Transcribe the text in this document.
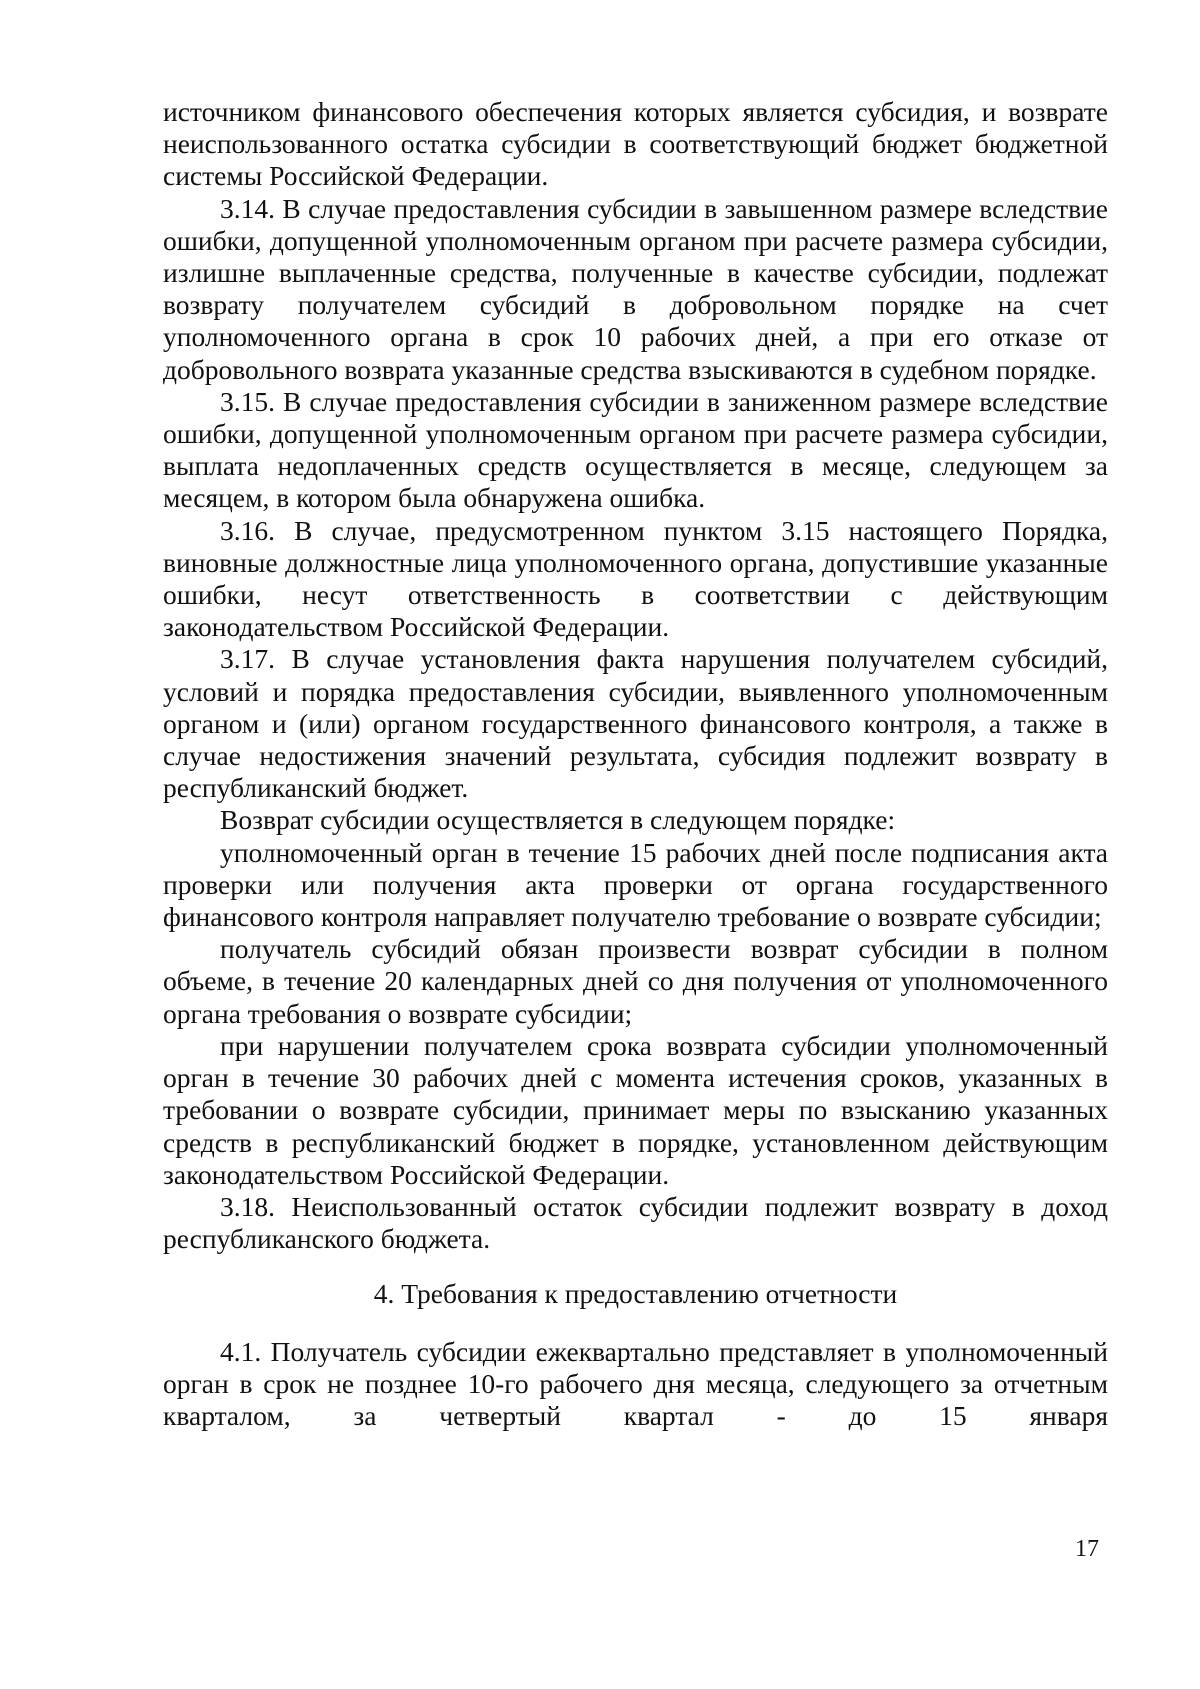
источником финансового обеспечения которых является субсидия, и возврате неиспользованного остатка субсидии в соответствующий бюджет бюджетной системы Российской Федерации.

3.14. В случае предоставления субсидии в завышенном размере вследствие ошибки, допущенной уполномоченным органом при расчете размера субсидии, излишне выплаченные средства, полученные в качестве субсидии, подлежат возврату получателем субсидий в добровольном порядке на счет уполномоченного органа в срок 10 рабочих дней, а при его отказе от добровольного возврата указанные средства взыскиваются в судебном порядке.

3.15. В случае предоставления субсидии в заниженном размере вследствие ошибки, допущенной уполномоченным органом при расчете размера субсидии, выплата недоплаченных средств осуществляется в месяце, следующем за месяцем, в котором была обнаружена ошибка.

3.16. В случае, предусмотренном пунктом 3.15 настоящего Порядка, виновные должностные лица уполномоченного органа, допустившие указанные ошибки, несут ответственность в соответствии с действующим законодательством Российской Федерации.

3.17. В случае установления факта нарушения получателем субсидий, условий и порядка предоставления субсидии, выявленного уполномоченным органом и (или) органом государственного финансового контроля, а также в случае недостижения значений результата, субсидия подлежит возврату в республиканский бюджет.

Возврат субсидии осуществляется в следующем порядке:

уполномоченный орган в течение 15 рабочих дней после подписания акта проверки или получения акта проверки от органа государственного финансового контроля направляет получателю требование о возврате субсидии;

получатель субсидий обязан произвести возврат субсидии в полном объеме, в течение 20 календарных дней со дня получения от уполномоченного органа требования о возврате субсидии;

при нарушении получателем срока возврата субсидии уполномоченный орган в течение 30 рабочих дней с момента истечения сроков, указанных в требовании о возврате субсидии, принимает меры по взысканию указанных средств в республиканский бюджет в порядке, установленном действующим законодательством Российской Федерации.

3.18. Неиспользованный остаток субсидии подлежит возврату в доход республиканского бюджета.

4. Требования к предоставлению отчетности

4.1. Получатель субсидии ежеквартально представляет в уполномоченный орган в срок не позднее 10-го рабочего дня месяца, следующего за отчетным кварталом, за четвертый квартал - до 15 января

17
